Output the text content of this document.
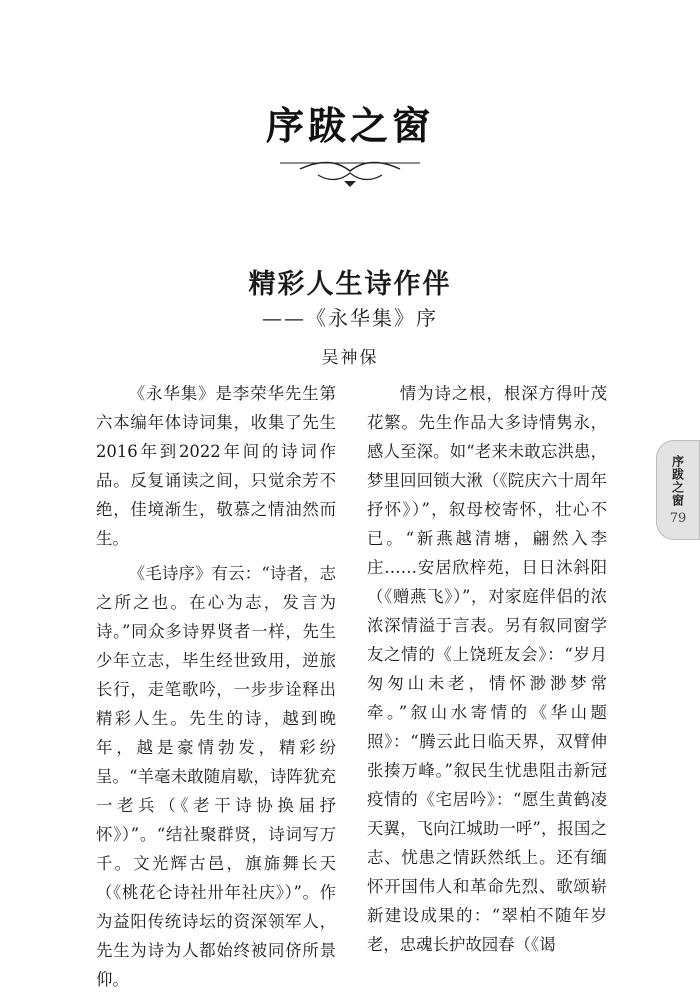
序跋之窗
精彩人生诗作伴
——《永华集》序
吴神保

《永华集》是李荣华先生第六本编年体诗词集，收集了先生2016年到2022年间的诗词作品。反复诵读之间，只觉余芳不绝，佳境渐生，敬慕之情油然而生。

《毛诗序》有云：“诗者，志之所之也。在心为志，发言为诗。”同众多诗界贤者一样，先生少年立志，毕生经世致用，逆旅长行，走笔歌吟，一步步诠释出精彩人生。先生的诗，越到晚年，越是豪情勃发，精彩纷呈。“羊毫未敢随肩歇，诗阵犹充一老兵（《老干诗协换届抒怀》）”。“结社聚群贤，诗词写万千。文光辉古邑，旗旆舞长天（《桃花仑诗社卅年社庆》）”。作为益阳传统诗坛的资深领军人，先生为诗为人都始终被同侪所景仰。

情为诗之根，根深方得叶茂花繁。先生作品大多诗情隽永，感人至深。如“老来未敢忘洪患，梦里回回锁大湫（《院庆六十周年抒怀》）”，叙母校寄怀，壮心不已。“新燕越清塘，翩然入李庄……安居欣梓苑，日日沐斜阳（《赠燕飞》）”，对家庭伴侣的浓浓深情溢于言表。另有叙同窗学友之情的《上饶班友会》：“岁月匆匆山未老，情怀渺渺梦常牵。”叙山水寄情的《华山题照》：“腾云此日临天界，双臂伸张揍万峰。”叙民生忧患阻击新冠疫情的《宅居吟》：“愿生黄鹤凌天翼，飞向江城助一呼”，报国之志、忧患之情跃然纸上。还有缅怀开国伟人和革命先烈、歌颂崭新建设成果的：“翠柏不随年岁老，忠魂长护故园春（《谒

序跋之窗
79
